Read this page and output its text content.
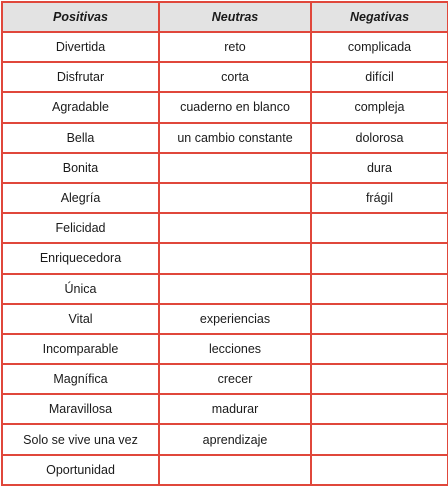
Positivas	Neutras	Negativas
Divertida	reto	complicada
Disfrutar	corta	difícil
Agradable	cuaderno en blanco	compleja
Bella	un cambio constante	dolorosa
Bonita		dura
Alegría		frágil
Felicidad		
Enriquecedora		
Única		
Vital	experiencias	
Incomparable	lecciones	
Magnífica	crecer	
Maravillosa	madurar	
Solo se vive una vez	aprendizaje	
Oportunidad		
